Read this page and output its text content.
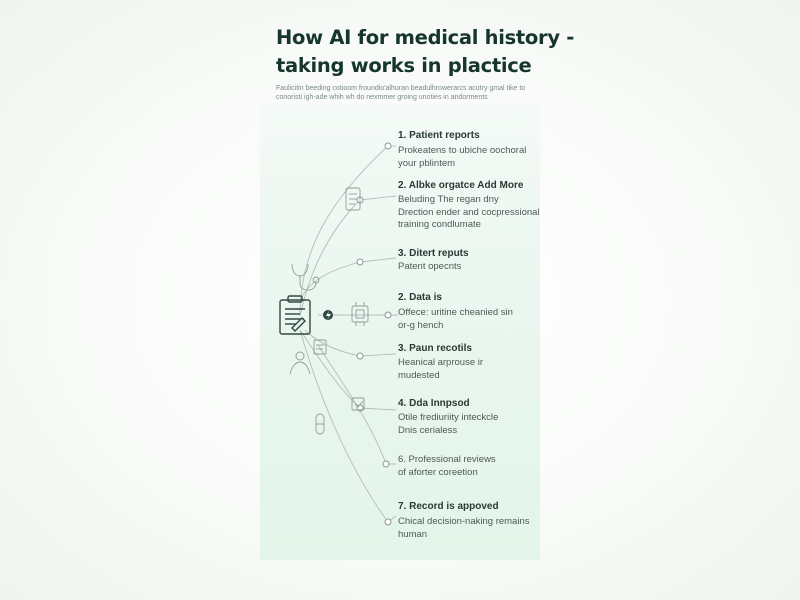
How AI for medical history -
taking works in plactice

Faulicitin beeding cotioom froundio'alhuran beadulhrowerarcs acutry gmal tike to
conoristi igh-ade whih wh do nexmmer groing unoties in andorments

1. Patient reports
Prokeatens to ubiche oochoral
your pblintem
2. Albke orgatce Add More
Beluding The regan dny
Drection ender and cocpressional
training condlumate
3. Ditert reputs
Patent opecnts
2. Data is
Offece: uritine cheanied sin
or-g hench
3. Paun recotils
Heanical arprouse ir
mudested
4. Dda Innpsod
Otile frediuriity inteckcle
Dnis cerialess
6. Professional reviews
of aforter coreetion
7. Record is appoved
Chical decision-naking remains
human
